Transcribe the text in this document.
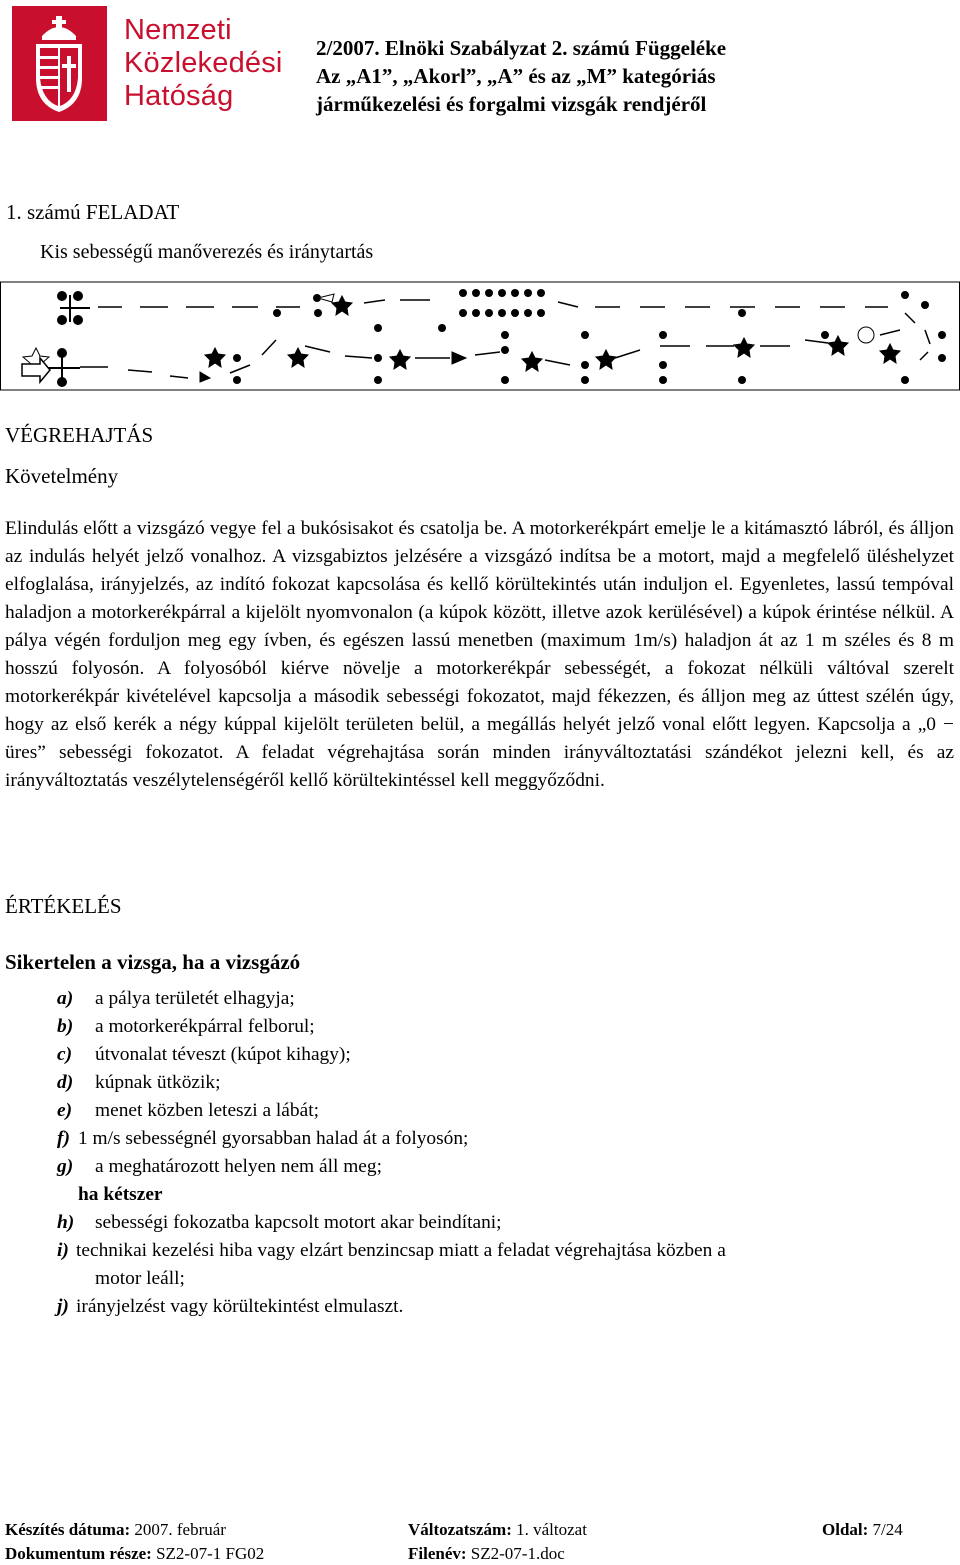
Nemzeti
Közlekedési
Hatóság
2/2007. Elnöki Szabályzat 2. számú Függeléke
Az „A1”, „Akorl”, „A” és az „M” kategóriás
járműkezelési és forgalmi vizsgák rendjéről
1. számú FELADAT
Kis sebességű manőverezés és iránytartás
VÉGREHAJTÁS
Követelmény
Elindulás előtt a vizsgázó vegye fel a bukósisakot és csatolja be. A motorkerékpárt emelje le a kitámasztó lábról, és álljon az indulás helyét jelző vonalhoz. A vizsgabiztos jelzésére a vizsgázó indítsa be a motort, majd a megfelelő üléshelyzet elfoglalása, irányjelzés, az indító fokozat kapcsolása és kellő körültekintés után induljon el. Egyenletes, lassú tempóval haladjon a motorkerékpárral a kijelölt nyomvonalon (a kúpok között, illetve azok kerülésével) a kúpok érintése nélkül. A pálya végén forduljon meg egy ívben, és egészen lassú menetben (maximum 1m/s) haladjon át az 1 m széles és 8 m hosszú folyosón. A folyosóból kiérve növelje a motorkerékpár sebességét, a fokozat nélküli váltóval szerelt motorkerékpár kivételével kapcsolja a második sebességi fokozatot, majd fékezzen, és álljon meg az úttest szélén úgy, hogy az első kerék a négy kúppal kijelölt területen belül, a megállás helyét jelző vonal előtt legyen. Kapcsolja a „0 − üres” sebességi fokozatot. A feladat végrehajtása során minden irányváltoztatási szándékot jelezni kell, és az irányváltoztatás veszélytelenségéről kellő körültekintéssel kell meggyőződni.
ÉRTÉKELÉS
Sikertelen a vizsga, ha a vizsgázó
a) a pálya területét elhagyja;
b) a motorkerékpárral felborul;
c) útvonalat téveszt (kúpot kihagy);
d) kúpnak ütközik;
e) menet közben leteszi a lábát;
f) 1 m/s sebességnél gyorsabban halad át a folyosón;
g) a meghatározott helyen nem áll meg;
ha kétszer
h) sebességi fokozatba kapcsolt motort akar beindítani;
i) technikai kezelési hiba vagy elzárt benzincsap miatt a feladat végrehajtása közben a
motor leáll;
j) irányjelzést vagy körültekintést elmulaszt.
Készítés dátuma: 2007. február	Változatszám: 1. változat	Oldal: 7/24
Dokumentum része: SZ2-07-1 FG02	Filenév: SZ2-07-1.doc
